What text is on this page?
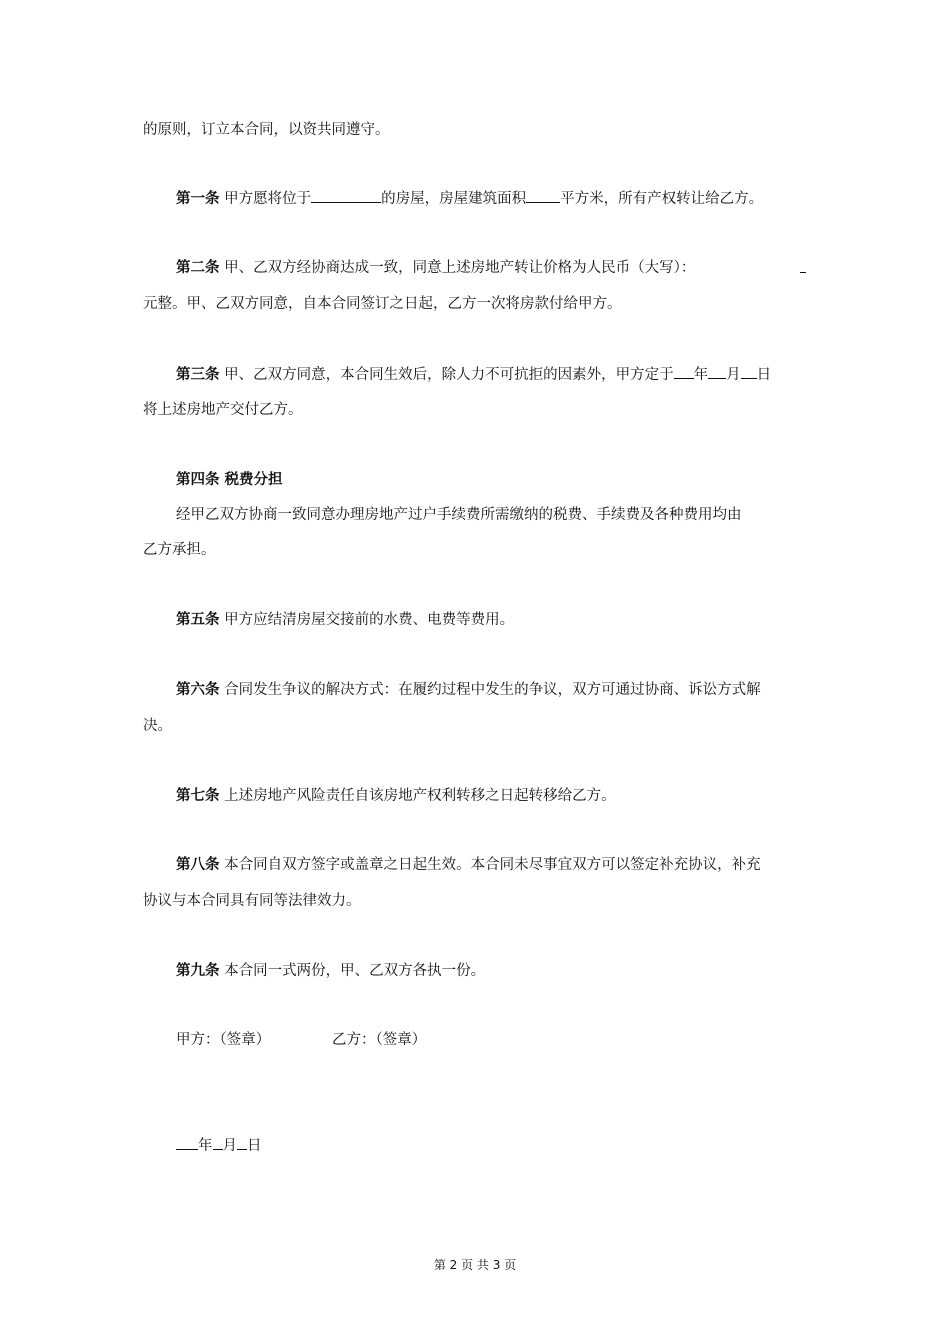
的原则，订立本合同，以资共同遵守。
第一条 甲方愿将位于	的房屋，房屋建筑面积 平方米，所有产权转让给乙方。
第二条 甲、乙双方经协商达成一致，同意上述房地产转让价格为人民币（大写）：
元整。甲、乙双方同意，自本合同签订之日起，乙方一次将房款付给甲方。
第三条 甲、乙双方同意，本合同生效后，除人力不可抗拒的因素外，甲方定于 年 月 日
将上述房地产交付乙方。
第四条 税费分担
经甲乙双方协商一致同意办理房地产过户手续费所需缴纳的税费、手续费及各种费用均由
乙方承担。
第五条 甲方应结清房屋交接前的水费、电费等费用。
第六条 合同发生争议的解决方式：在履约过程中发生的争议，双方可通过协商、诉讼方式解
决。
第七条 上述房地产风险责任自该房地产权利转移之日起转移给乙方。
第八条 本合同自双方签字或盖章之日起生效。本合同未尽事宜双方可以签定补充协议，补充
协议与本合同具有同等法律效力。
第九条 本合同一式两份，甲、乙双方各执一份。
甲方：（签章）	乙方：（签章）
年 月 日
第 2 页 共 3 页
